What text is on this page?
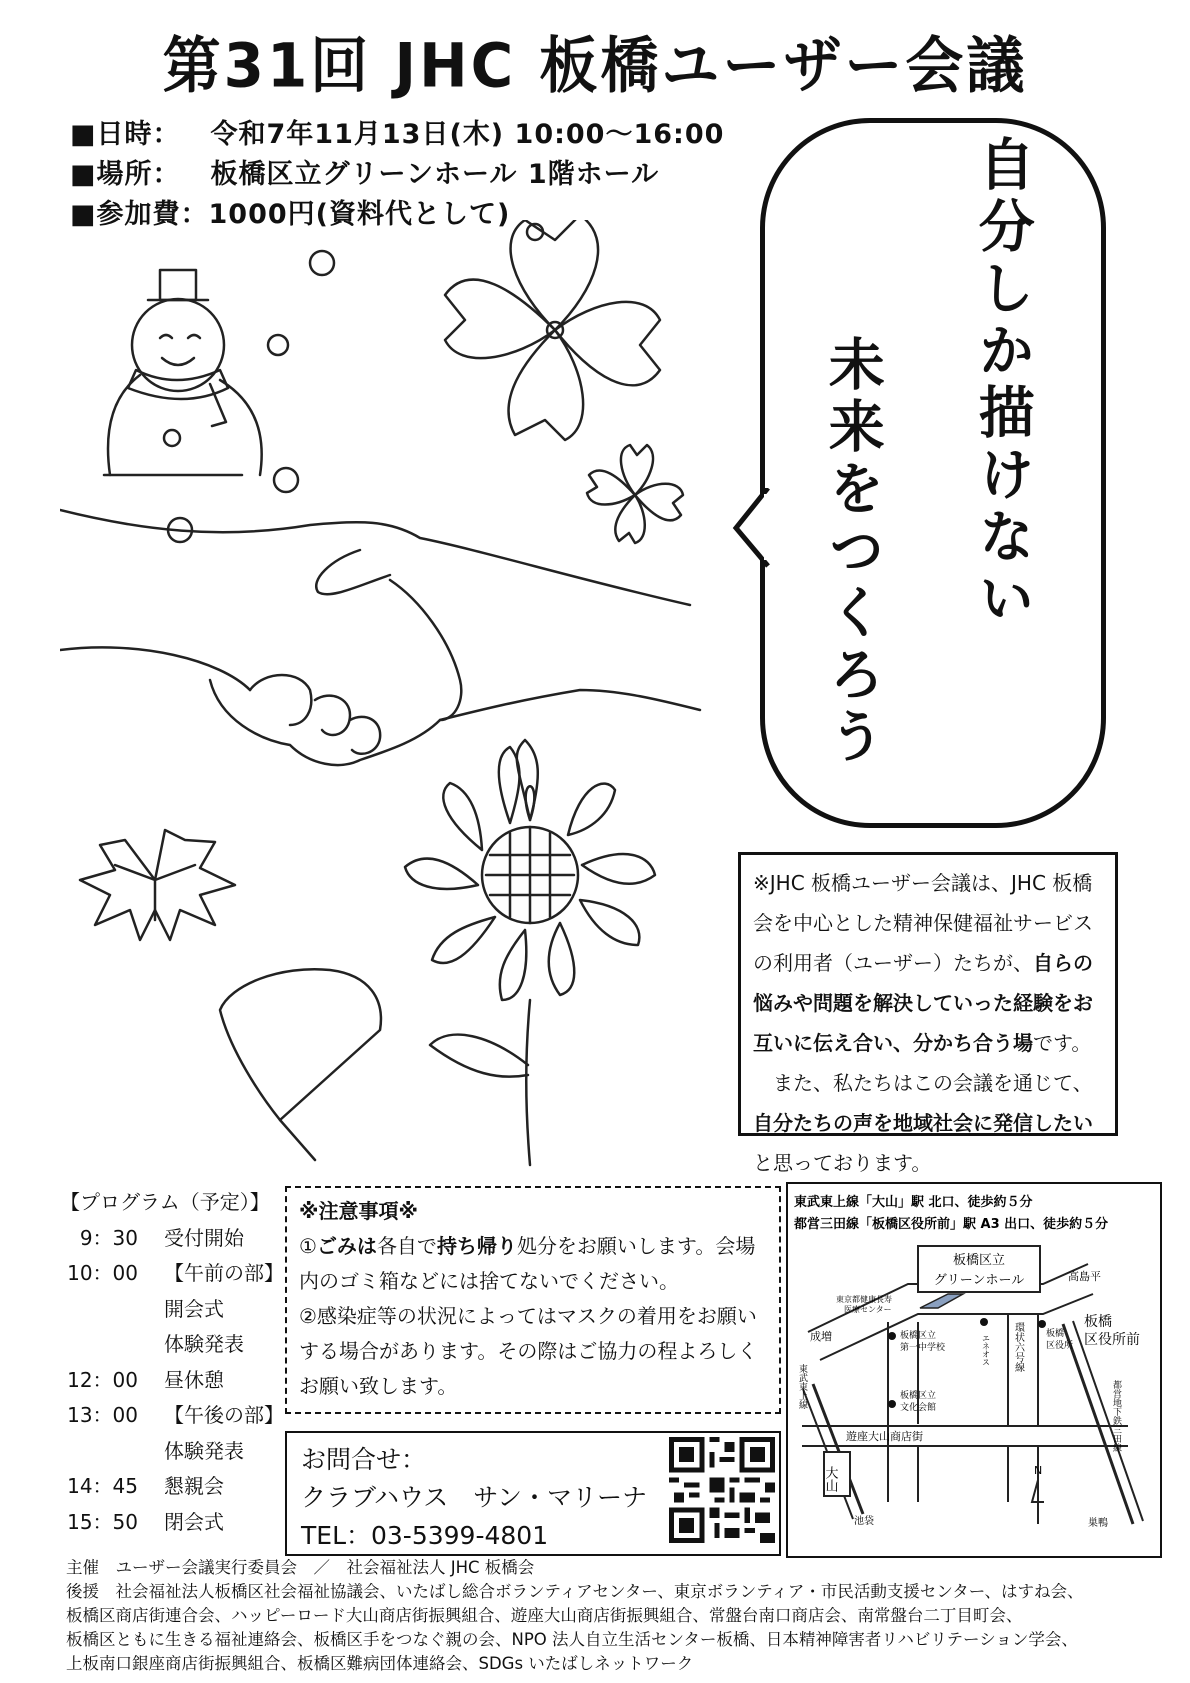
第31回 JHC 板橋ユーザー会議
■日時： 令和7年11月13日(木) 10:00〜16:00
■場所： 板橋区立グリーンホール 1階ホール
■参加費：1000円(資料代として)	自分しか描けない
未来をつくろう
※JHC 板橋ユーザー会議は、JHC 板橋会を中心とした精神保健福祉サービスの利用者（ユーザー）たちが、自らの悩みや問題を解決していった経験をお互いに伝え合い、分かち合う場です。
　また、私たちはこの会議を通じて、自分たちの声を地域社会に発信したいと思っております。
【プログラム（予定）】
9：30 受付開始
10：00 【午前の部】
開会式
体験発表
12：00 昼休憩
13：00 【午後の部】
体験発表
14：45 懇親会
15：50 閉会式
※注意事項※
①ごみは各自で持ち帰り処分をお願いします。会場内のゴミ箱などには捨てないでください。
②感染症等の状況によってはマスクの着用をお願いする場合があります。その際はご協力の程よろしくお願い致します。
お問合せ：
クラブハウス　サン・マリーナ
TEL：03-5399-4801
東武東上線「大山」駅 北口、徒歩約５分
都営三田線「板橋区役所前」駅 A3 出口、徒歩約５分
板橋区立
グリーンホール	高島平
東京都健康長寿
医療センター
板橋区立
第一中学校	エネオス 環状六号線	板橋
区役所
板橋
区役所前
成増
東武東上線	板橋区立
文化会館	都営地下鉄三田線
遊座大山商店街
N
大山
池袋	巣鴨
主催　ユーザー会議実行委員会　／　社会福祉法人 JHC 板橋会
後援　社会福祉法人板橋区社会福祉協議会、いたばし総合ボランティアセンター、東京ボランティア・市民活動支援センター、はすね会、
板橋区商店街連合会、ハッピーロード大山商店街振興組合、遊座大山商店街振興組合、常盤台南口商店会、南常盤台二丁目町会、
板橋区ともに生きる福祉連絡会、板橋区手をつなぐ親の会、NPO 法人自立生活センター板橋、日本精神障害者リハビリテーション学会、
上板南口銀座商店街振興組合、板橋区難病団体連絡会、SDGs いたばしネットワーク
